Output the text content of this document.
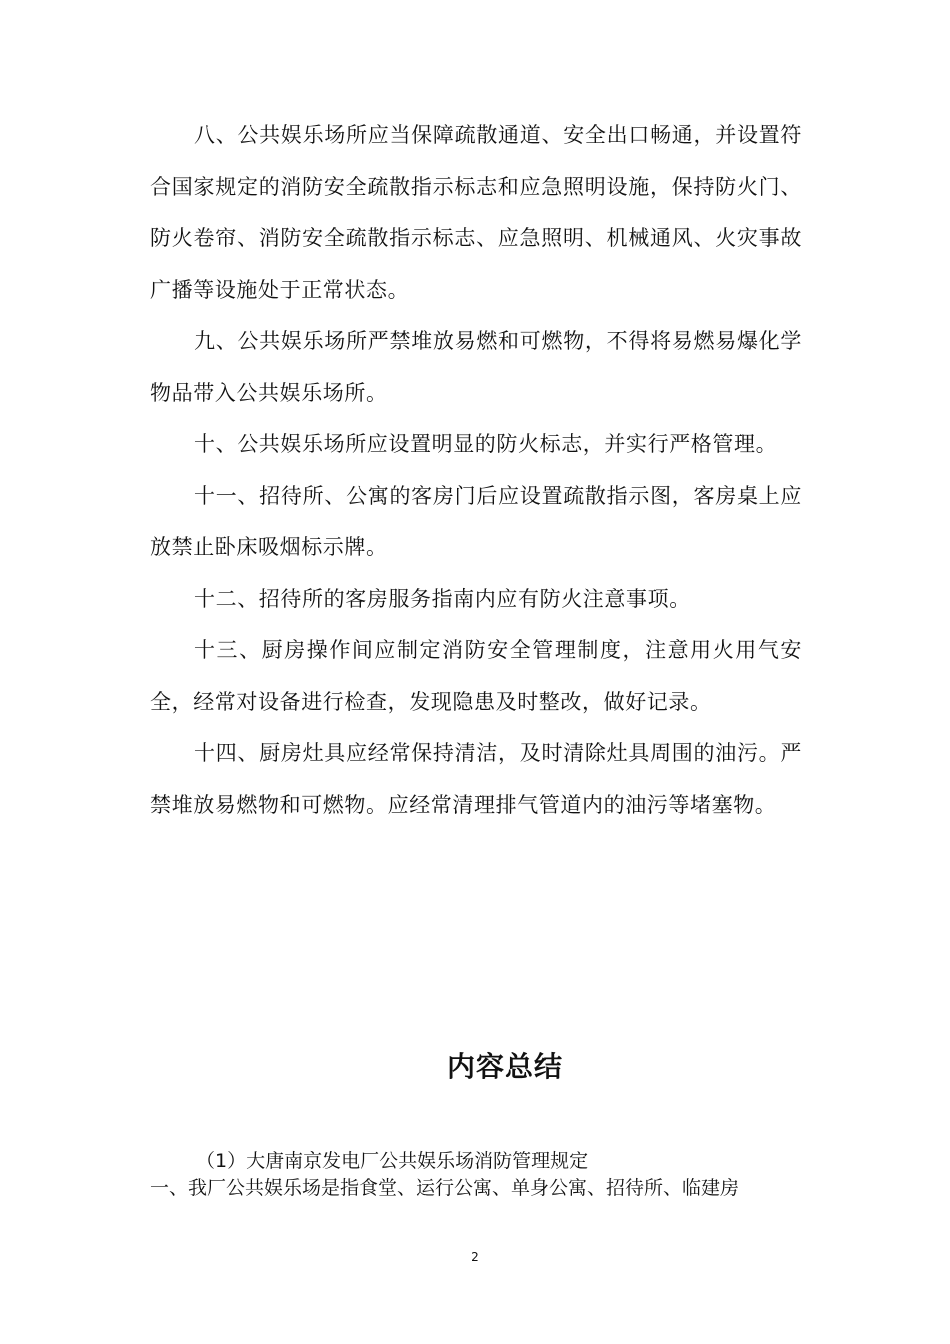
八、公共娱乐场所应当保障疏散通道、安全出口畅通，并设置符合国家规定的消防安全疏散指示标志和应急照明设施，保持防火门、防火卷帘、消防安全疏散指示标志、应急照明、机械通风、火灾事故广播等设施处于正常状态。

九、公共娱乐场所严禁堆放易燃和可燃物，不得将易燃易爆化学物品带入公共娱乐场所。

十、公共娱乐场所应设置明显的防火标志，并实行严格管理。

十一、招待所、公寓的客房门后应设置疏散指示图，客房桌上应放禁止卧床吸烟标示牌。

十二、招待所的客房服务指南内应有防火注意事项。

十三、厨房操作间应制定消防安全管理制度，注意用火用气安全，经常对设备进行检查，发现隐患及时整改，做好记录。

十四、厨房灶具应经常保持清洁，及时清除灶具周围的油污。严禁堆放易燃物和可燃物。应经常清理排气管道内的油污等堵塞物。

内容总结

（1）大唐南京发电厂公共娱乐场消防管理规定

一、我厂公共娱乐场是指食堂、运行公寓、单身公寓、招待所、临建房

2
